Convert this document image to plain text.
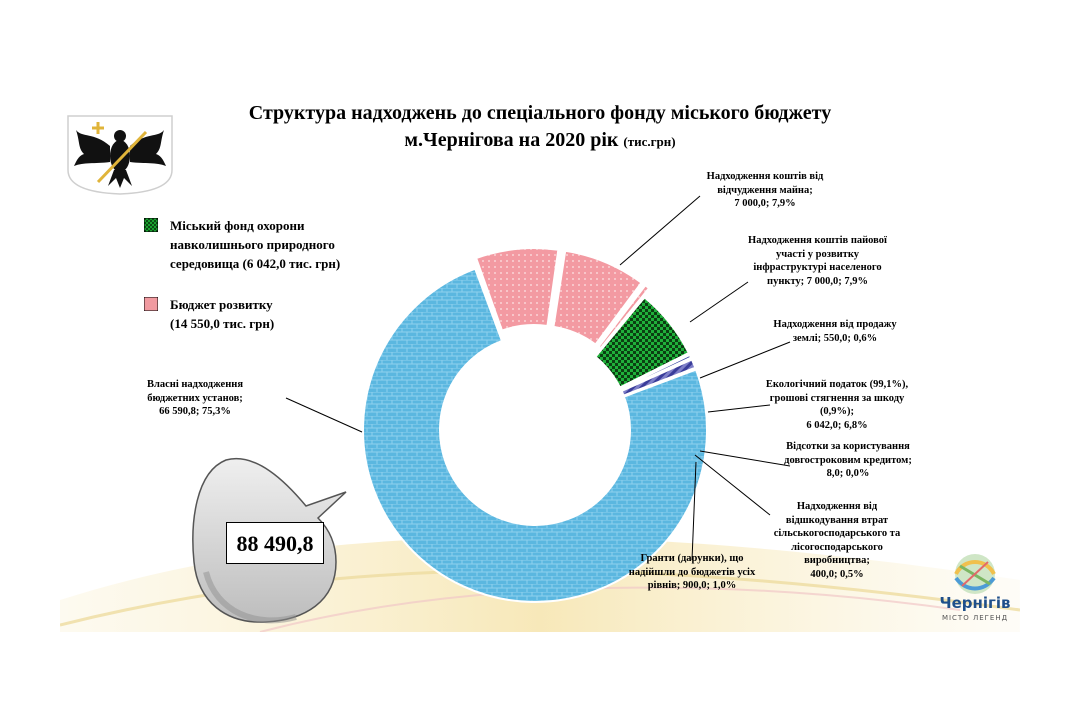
Структура надходжень до спеціального фонду міського бюджету
м.Чернігова на 2020 рік (тис.грн)
Міський фонд охорони
навколишнього природного
середовища (6 042,0 тис. грн)
Бюджет розвитку
(14 550,0 тис. грн)
88 490,8
Надходження коштів від
відчудження майна;
7 000,0; 7,9%
Надходження коштів пайової
участі у розвитку
інфраструктурі населеного
пункту; 7 000,0; 7,9%
Надходження від продажу
землі; 550,0; 0,6%
Екологічний податок (99,1%),
грошові стягнення за шкоду
(0,9%);
6 042,0; 6,8%
Відсотки за користування
довгостроковим кредитом;
8,0; 0,0%
Надходження від
відшкодування втрат
сільськогосподарського та
лісогосподарського
виробництва;
400,0; 0,5%
Гранти (дарунки), що
надійшли до бюджетів усіх
рівнів; 900,0; 1,0%
Власні надходження
бюджетних установ;
66 590,8; 75,3%
Чернігів
МІСТО ЛЕГЕНД
